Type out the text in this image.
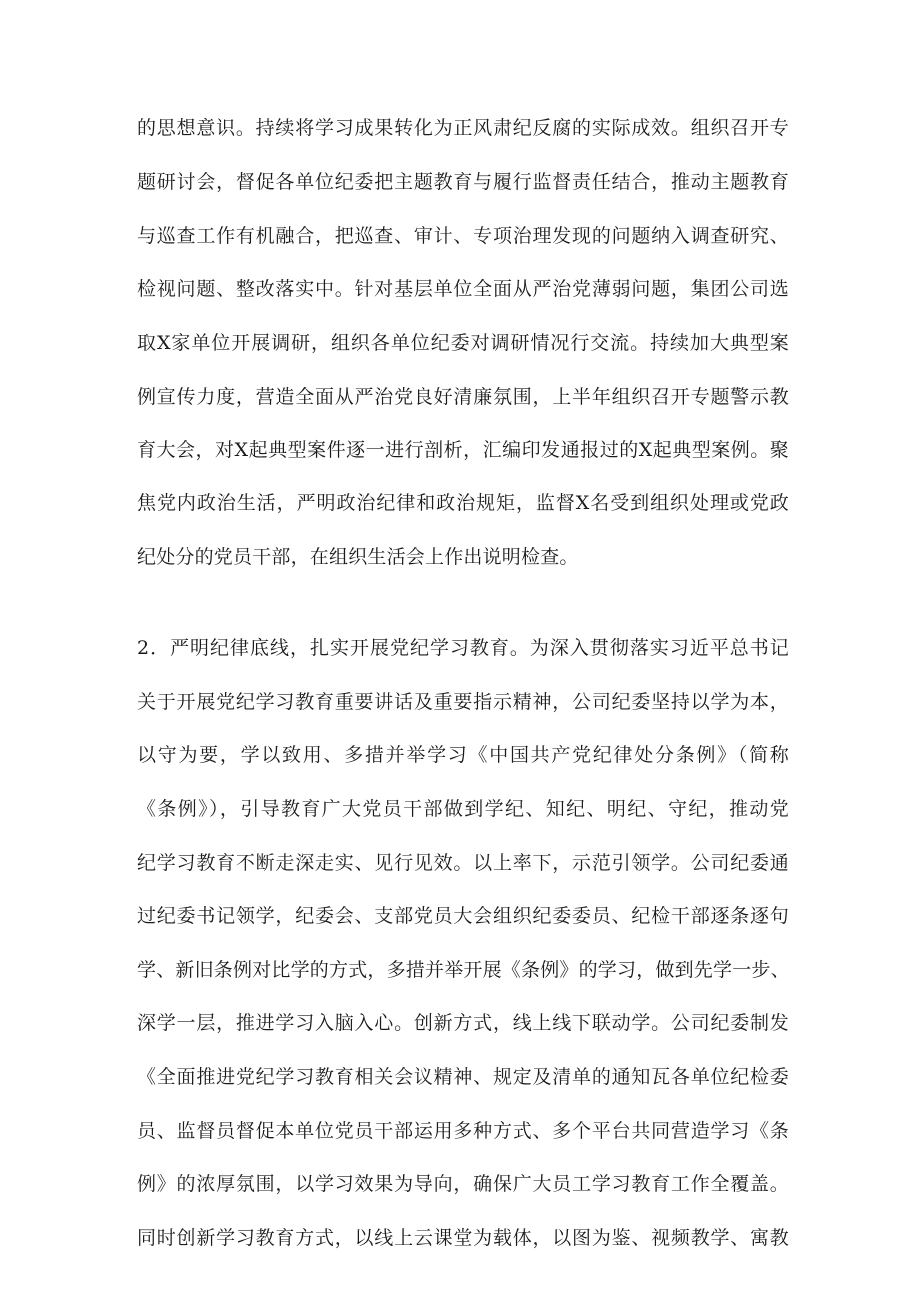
的思想意识。持续将学习成果转化为正风肃纪反腐的实际成效。组织召开专
题研讨会，督促各单位纪委把主题教育与履行监督责任结合，推动主题教育
与巡查工作有机融合，把巡查、审计、专项治理发现的问题纳入调查研究、
检视问题、整改落实中。针对基层单位全面从严治党薄弱问题，集团公司选
取X家单位开展调研，组织各单位纪委对调研情况行交流。持续加大典型案
例宣传力度，营造全面从严治党良好清廉氛围，上半年组织召开专题警示教
育大会，对X起典型案件逐一进行剖析，汇编印发通报过的X起典型案例。聚
焦党内政治生活，严明政治纪律和政治规矩，监督X名受到组织处理或党政
纪处分的党员干部，在组织生活会上作出说明检查。
2．严明纪律底线，扎实开展党纪学习教育。为深入贯彻落实习近平总书记
关于开展党纪学习教育重要讲话及重要指示精神，公司纪委坚持以学为本，
以守为要，学以致用、多措并举学习《中国共产党纪律处分条例》（简称
《条例》），引导教育广大党员干部做到学纪、知纪、明纪、守纪，推动党
纪学习教育不断走深走实、见行见效。以上率下，示范引领学。公司纪委通
过纪委书记领学，纪委会、支部党员大会组织纪委委员、纪检干部逐条逐句
学、新旧条例对比学的方式，多措并举开展《条例》的学习，做到先学一步、
深学一层，推进学习入脑入心。创新方式，线上线下联动学。公司纪委制发
《全面推进党纪学习教育相关会议精神、规定及清单的通知瓦各单位纪检委
员、监督员督促本单位党员干部运用多种方式、多个平台共同营造学习《条
例》的浓厚氛围，以学习效果为导向，确保广大员工学习教育工作全覆盖。
同时创新学习教育方式，以线上云课堂为载体，以图为鉴、视频教学、寓教
